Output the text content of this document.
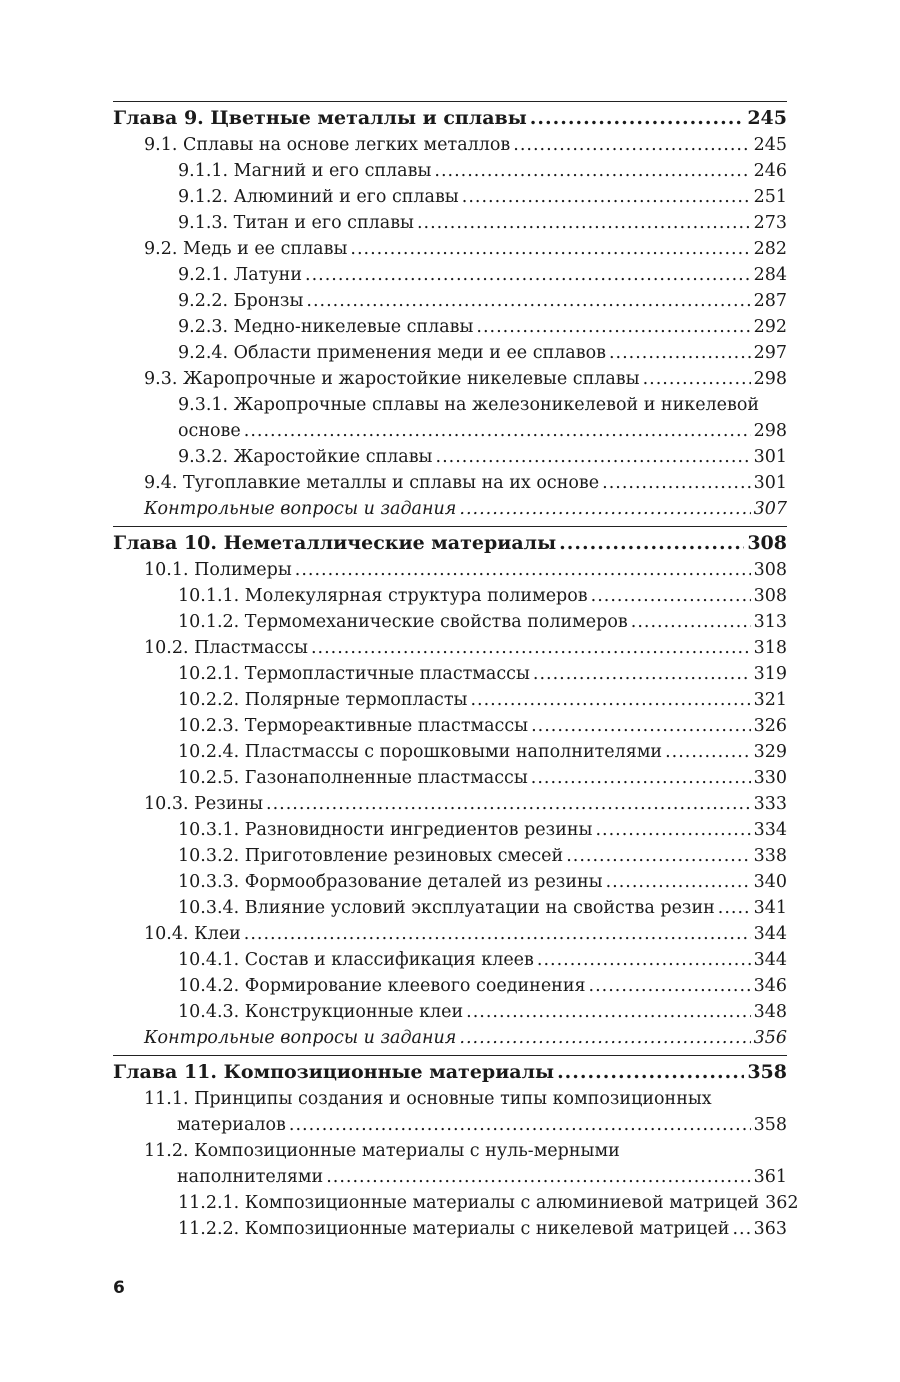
Глава 9. Цветные металлы и сплавы .....	245
9.1. Сплавы на основе легких металлов .....	245
9.1.1. Магний и его сплавы .....	246
9.1.2. Алюминий и его сплавы .....	251
9.1.3. Титан и его сплавы .....	273
9.2. Медь и ее сплавы .....	282
9.2.1. Латуни .....	284
9.2.2. Бронзы .....	287
9.2.3. Медно-никелевые сплавы .....	292
9.2.4. Области применения меди и ее сплавов .....	297
9.3. Жаропрочные и жаростойкие никелевые сплавы .....	298
9.3.1. Жаропрочные сплавы на железоникелевой и никелевой
основе .....	298
9.3.2. Жаростойкие сплавы .....	301
9.4. Тугоплавкие металлы и сплавы на их основе .....	301
Контрольные вопросы и задания .....	307
Глава 10. Неметаллические материалы .....	308
10.1. Полимеры .....	308
10.1.1. Молекулярная структура полимеров .....	308
10.1.2. Термомеханические свойства полимеров .....	313
10.2. Пластмассы .....	318
10.2.1. Термопластичные пластмассы .....	319
10.2.2. Полярные термопласты .....	321
10.2.3. Термореактивные пластмассы .....	326
10.2.4. Пластмассы с порошковыми наполнителями .....	329
10.2.5. Газонаполненные пластмассы .....	330
10.3. Резины .....	333
10.3.1. Разновидности ингредиентов резины .....	334
10.3.2. Приготовление резиновых смесей .....	338
10.3.3. Формообразование деталей из резины .....	340
10.3.4. Влияние условий эксплуатации на свойства резин ..... 341
10.4. Клеи .....	344
10.4.1. Состав и классификация клеев .....	344
10.4.2. Формирование клеевого соединения .....	346
10.4.3. Конструкционные клеи .....	348
Контрольные вопросы и задания .....	356
Глава 11. Композиционные материалы .....	358
11.1. Принципы создания и основные типы композиционных
материалов .....	358
11.2. Композиционные материалы с нуль-мерными
наполнителями .....	361
11.2.1. Композиционные материалы с алюминиевой матрицей 362
11.2.2. Композиционные материалы с никелевой матрицей ..... 363
6
